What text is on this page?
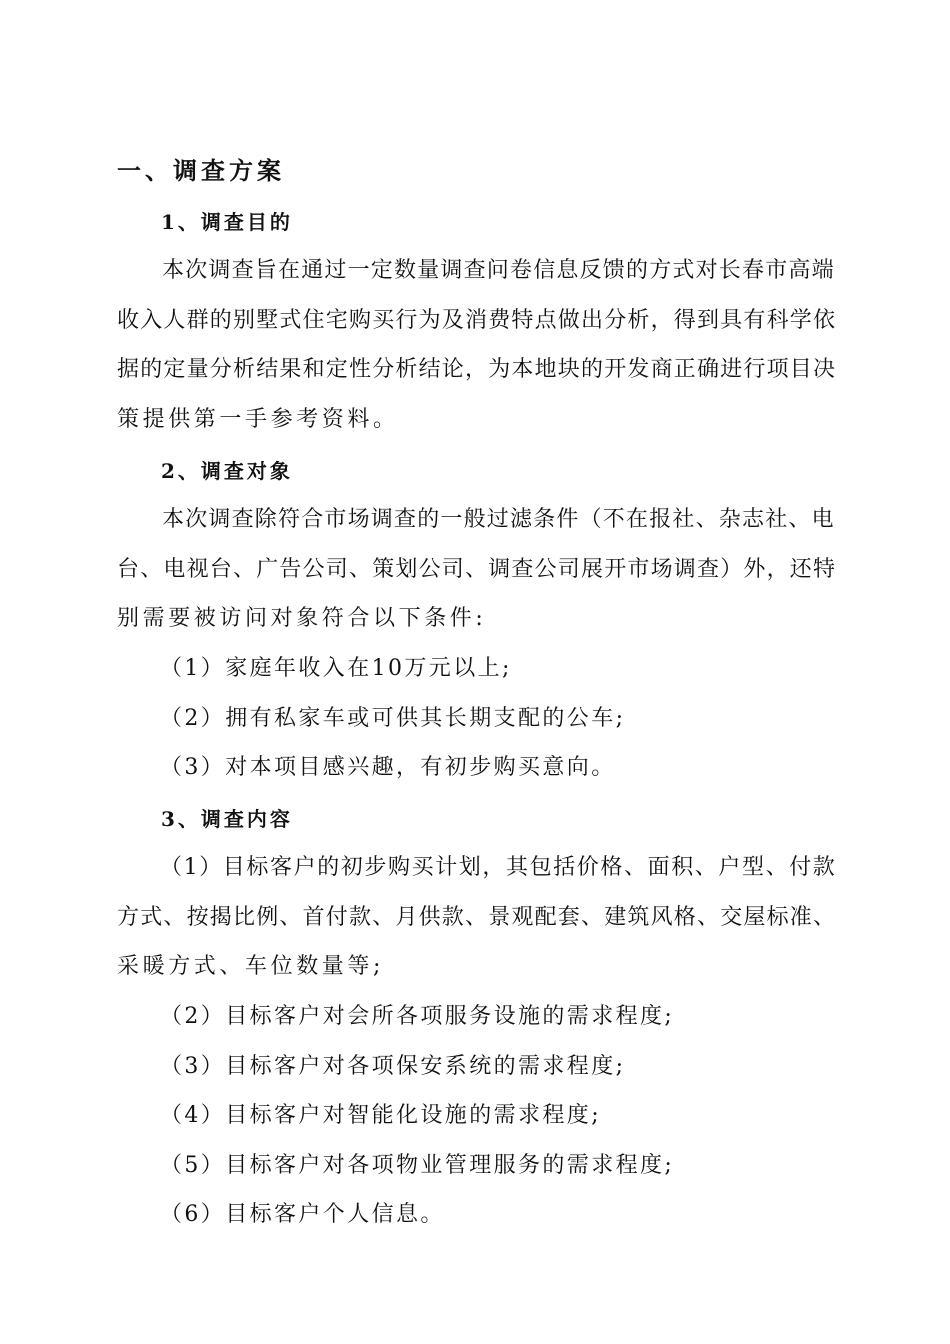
一、调查方案
1、调查目的
本次调查旨在通过一定数量调查问卷信息反馈的方式对长春市高端
收入人群的别墅式住宅购买行为及消费特点做出分析，得到具有科学依
据的定量分析结果和定性分析结论，为本地块的开发商正确进行项目决
策提供第一手参考资料。
2、调查对象
本次调查除符合市场调查的一般过滤条件（不在报社、杂志社、电
台、电视台、广告公司、策划公司、调查公司展开市场调查）外，还特
别需要被访问对象符合以下条件:
（1）家庭年收入在10万元以上;
（2）拥有私家车或可供其长期支配的公车;
（3）对本项目感兴趣，有初步购买意向。
3、调查内容
（1）目标客户的初步购买计划，其包括价格、面积、户型、付款
方式、按揭比例、首付款、月供款、景观配套、建筑风格、交屋标准、
采暖方式、车位数量等;
（2）目标客户对会所各项服务设施的需求程度;
（3）目标客户对各项保安系统的需求程度;
（4）目标客户对智能化设施的需求程度;
（5）目标客户对各项物业管理服务的需求程度;
（6）目标客户个人信息。
